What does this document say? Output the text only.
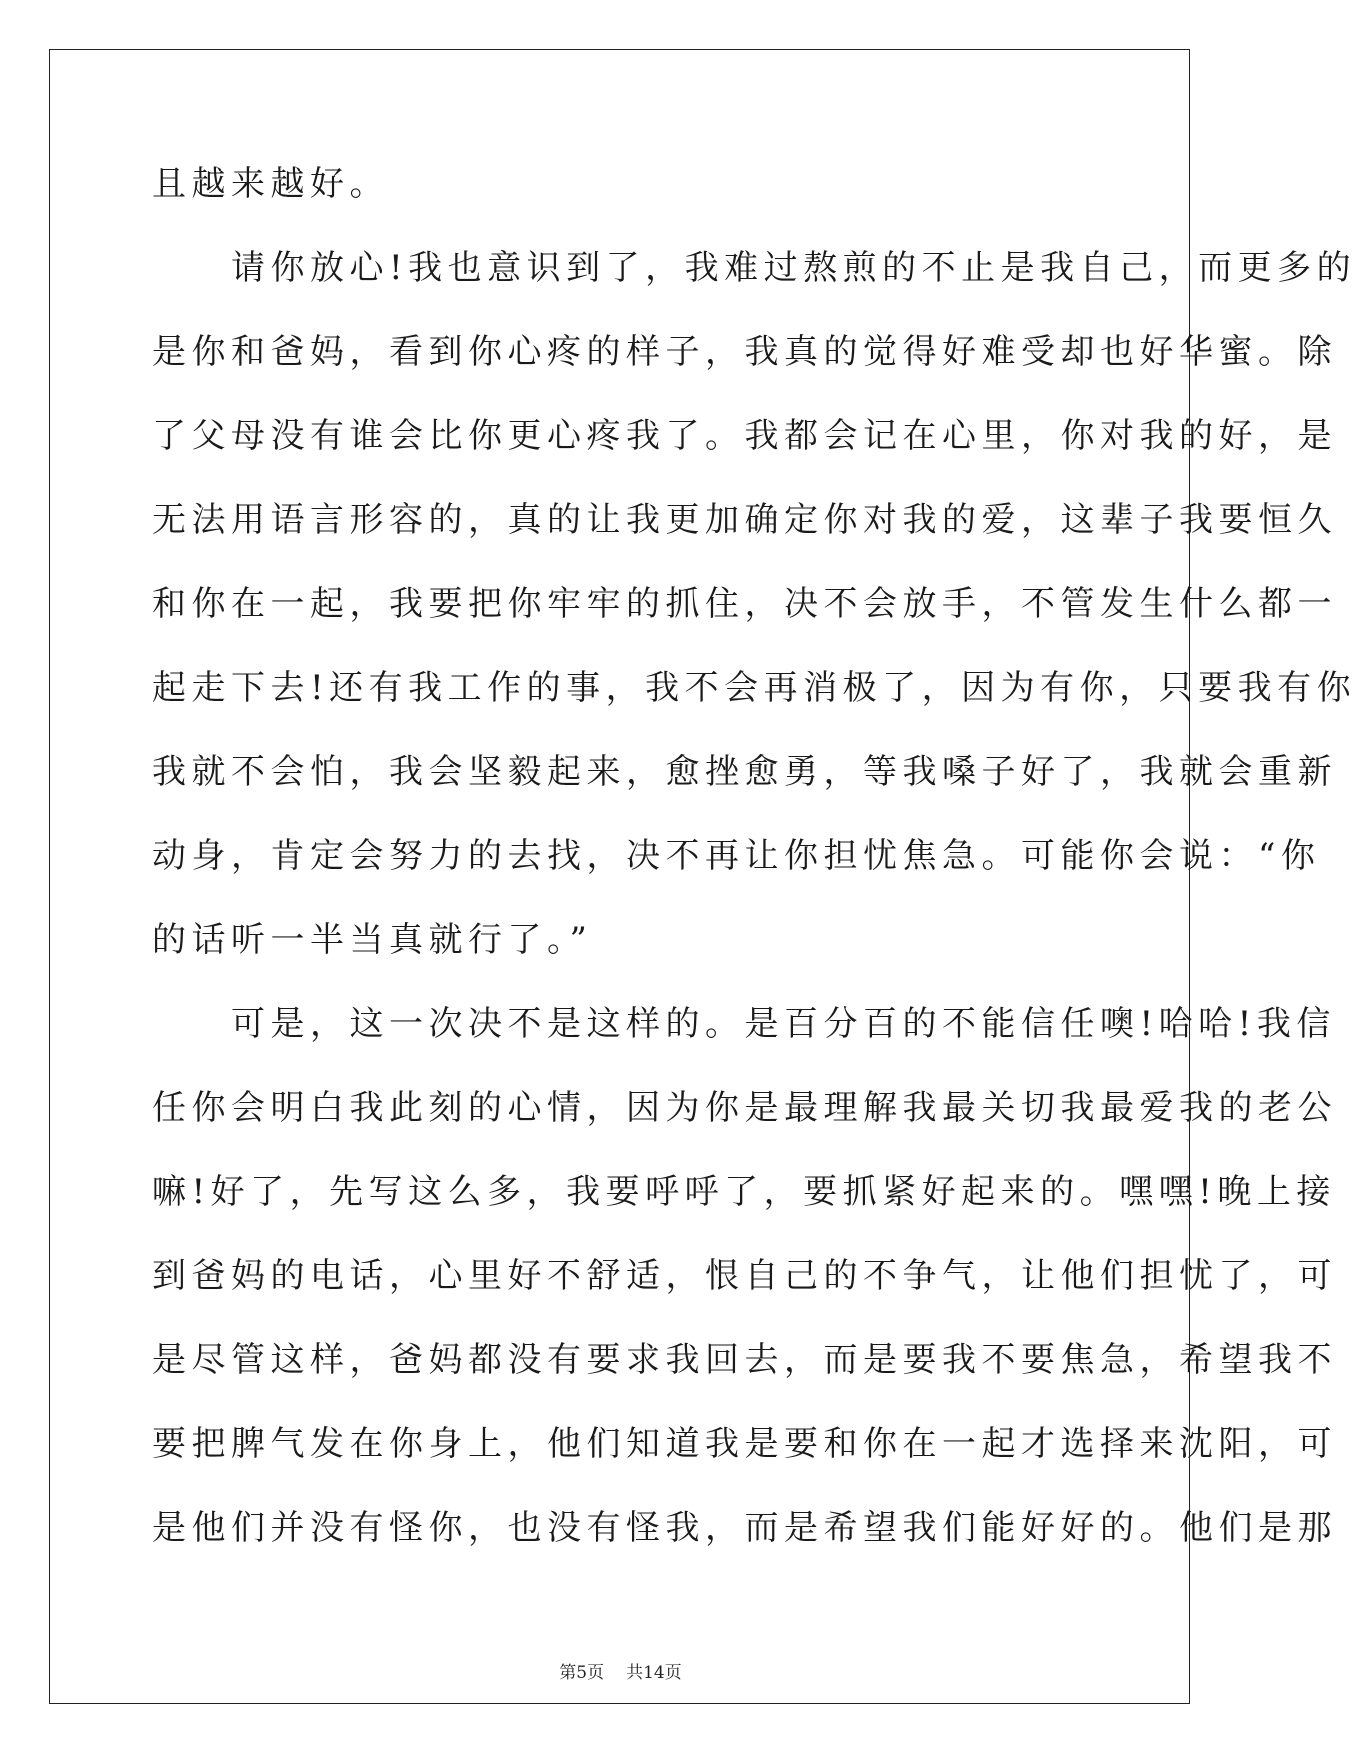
且越来越好。
　　请你放心!我也意识到了，我难过熬煎的不止是我自己，而更多的
是你和爸妈，看到你心疼的样子，我真的觉得好难受却也好华蜜。除
了父母没有谁会比你更心疼我了。我都会记在心里，你对我的好，是
无法用语言形容的，真的让我更加确定你对我的爱，这辈子我要恒久
和你在一起，我要把你牢牢的抓住，决不会放手，不管发生什么都一
起走下去!还有我工作的事，我不会再消极了，因为有你，只要我有你
我就不会怕，我会坚毅起来，愈挫愈勇，等我嗓子好了，我就会重新
动身，肯定会努力的去找，决不再让你担忧焦急。可能你会说：“你
的话听一半当真就行了。”
　　可是，这一次决不是这样的。是百分百的不能信任噢!哈哈!我信
任你会明白我此刻的心情，因为你是最理解我最关切我最爱我的老公
嘛!好了，先写这么多，我要呼呼了，要抓紧好起来的。嘿嘿!晚上接
到爸妈的电话，心里好不舒适，恨自己的不争气，让他们担忧了，可
是尽管这样，爸妈都没有要求我回去，而是要我不要焦急，希望我不
要把脾气发在你身上，他们知道我是要和你在一起才选择来沈阳，可
是他们并没有怪你，也没有怪我，而是希望我们能好好的。他们是那
第5页 共14页
